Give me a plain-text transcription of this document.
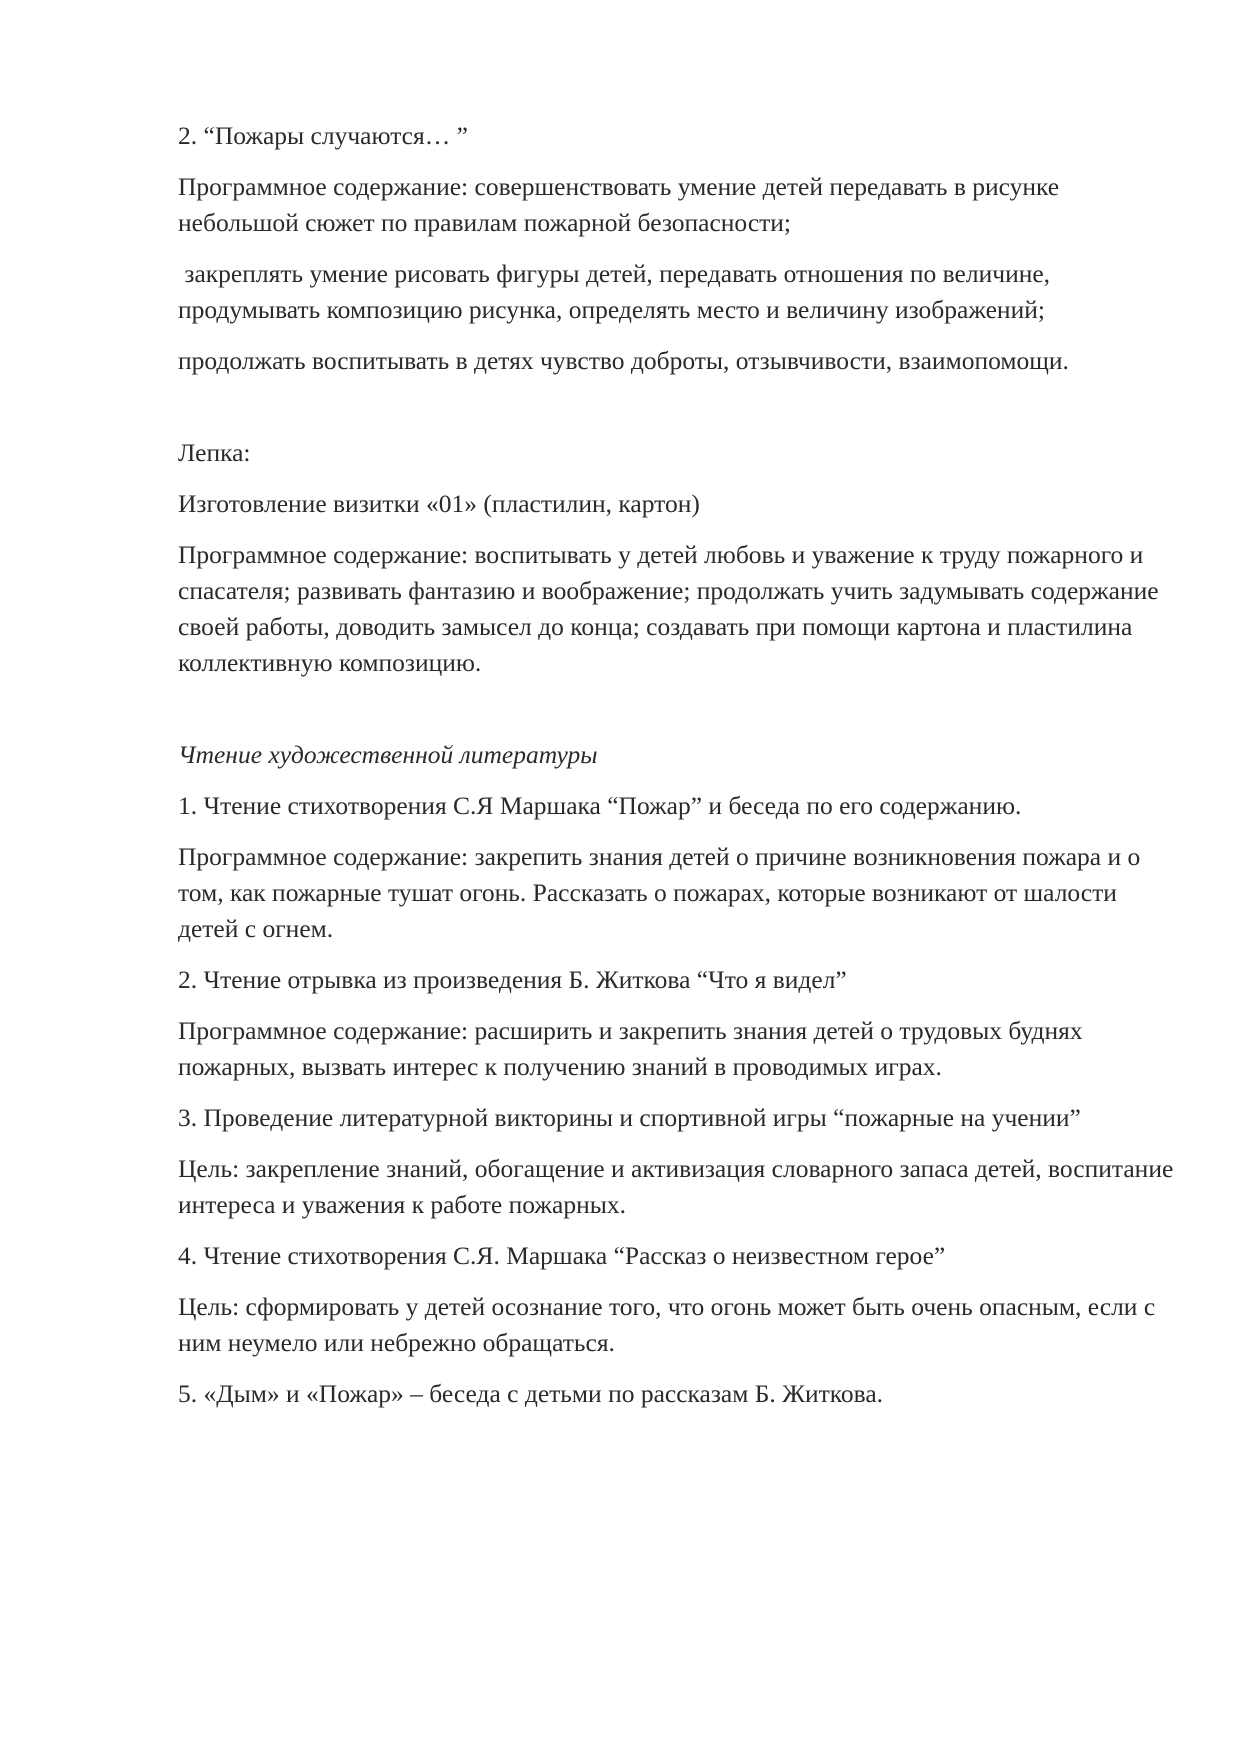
2. “Пожары случаются… ”

Программное содержание: совершенствовать умение детей передавать в рисунке небольшой сюжет по правилам пожарной безопасности;

закреплять умение рисовать фигуры детей, передавать отношения по величине, продумывать композицию рисунка, определять место и величину изображений;

продолжать воспитывать в детях чувство доброты, отзывчивости, взаимопомощи.

Лепка:

Изготовление визитки «01» (пластилин, картон)

Программное содержание: воспитывать у детей любовь и уважение к труду пожарного и спасателя; развивать фантазию и воображение; продолжать учить задумывать содержание своей работы, доводить замысел до конца; создавать при помощи картона и пластилина коллективную композицию.

Чтение художественной литературы

1. Чтение стихотворения С.Я Маршака “Пожар” и беседа по его содержанию.

Программное содержание: закрепить знания детей о причине возникновения пожара и о том, как пожарные тушат огонь. Рассказать о пожарах, которые возникают от шалости детей с огнем.

2. Чтение отрывка из произведения Б. Житкова “Что я видел”

Программное содержание: расширить и закрепить знания детей о трудовых буднях пожарных, вызвать интерес к получению знаний в проводимых играх.

3. Проведение литературной викторины и спортивной игры “пожарные на учении”

Цель: закрепление знаний, обогащение и активизация словарного запаса детей, воспитание интереса и уважения к работе пожарных.

4. Чтение стихотворения С.Я. Маршака “Рассказ о неизвестном герое”

Цель: сформировать у детей осознание того, что огонь может быть очень опасным, если с ним неумело или небрежно обращаться.

5. «Дым» и «Пожар» – беседа с детьми по рассказам Б. Житкова.
